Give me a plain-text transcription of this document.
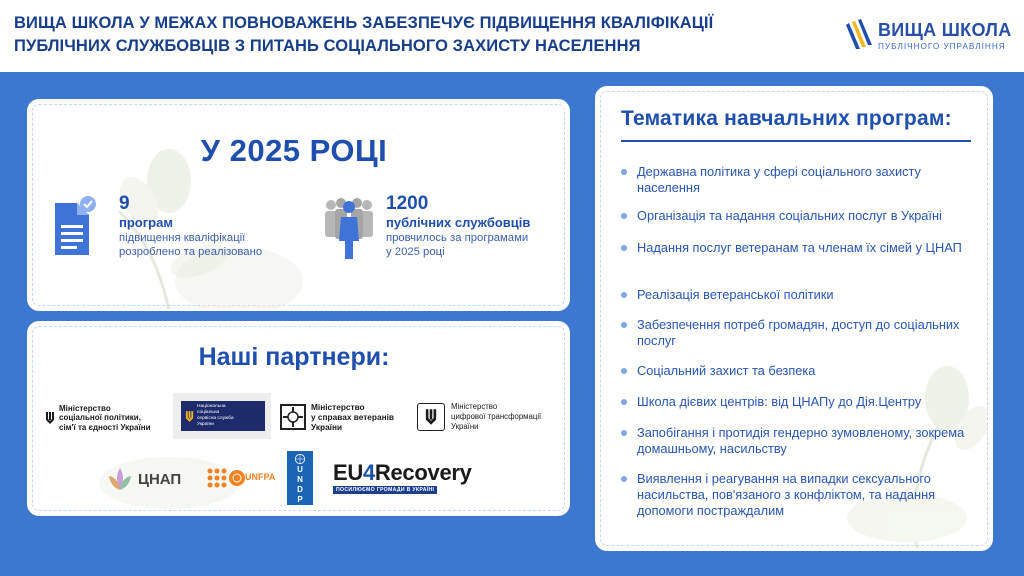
ВИЩА ШКОЛА У МЕЖАХ ПОВНОВАЖЕНЬ ЗАБЕЗПЕЧУЄ ПІДВИЩЕННЯ КВАЛІФІКАЦІЇ
ПУБЛІЧНИХ СЛУЖБОВЦІВ З ПИТАНЬ СОЦІАЛЬНОГО ЗАХИСТУ НАСЕЛЕННЯ
ВИЩА ШКОЛА
ПУБЛІЧНОГО УПРАВЛІННЯ
У 2025 РОЦІ
9
програм
підвищення кваліфікації
розроблено та реалізовано
1200
публічних службовців
провчилось за програмами
у 2025 році
Наші партнери:
Міністерство
соціальної політики,
сім'ї та єдності України
Національна
соціальна
сервісна служба
України
Міністерство
у справах ветеранів
України
Міністерство
цифрової трансформації
України
ЦНАП	UNFPA
U
N
D
P
EU4Recovery
ПОСИЛЮЄМО ГРОМАДИ В УКРАЇНІ
Тематика навчальних програм:
Державна політика у сфері соціального захисту населення
Організація та надання соціальних послуг в Україні
Надання послуг ветеранам та членам їх сімей у ЦНАП
Реалізація ветеранської політики
Забезпечення потреб громадян, доступ до соціальних послуг
Соціальний захист та безпека
Школа дієвих центрів: від ЦНАПу до Дія.Центру
Запобігання і протидія гендерно зумовленому, зокрема домашньому, насильству
Виявлення і реагування на випадки сексуального насильства, пов'язаного з конфліктом, та надання допомоги постраждалим
